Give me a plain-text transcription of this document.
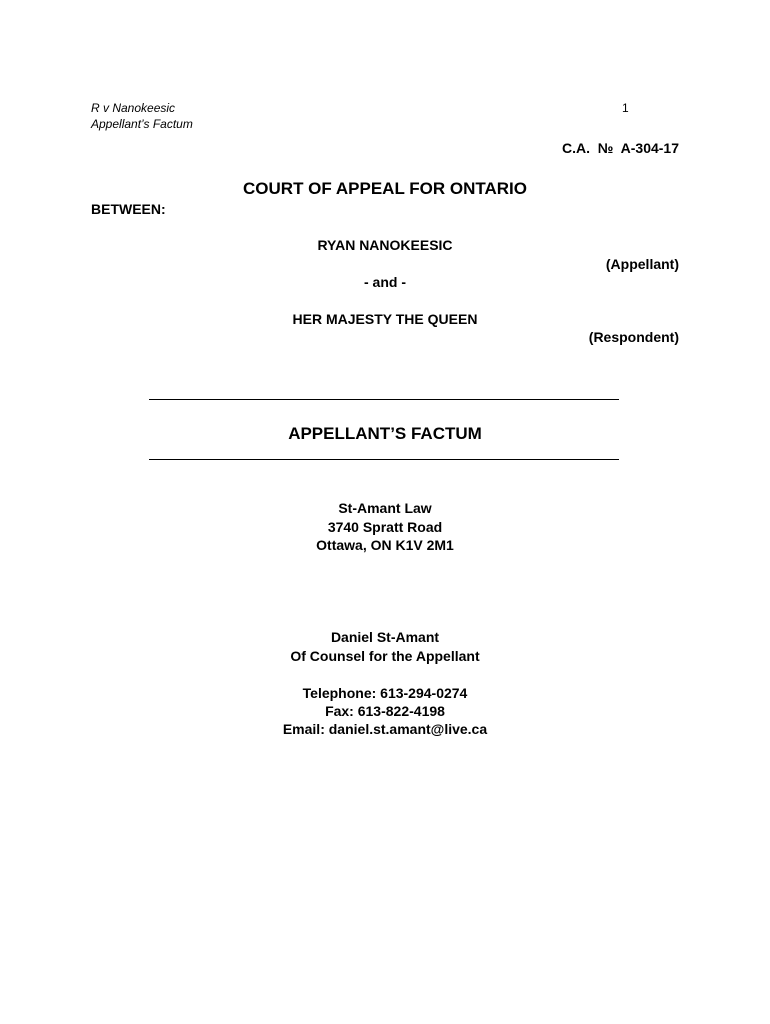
R v Nanokeesic
Appellant’s Factum
1
C.A.  №  A-304-17
COURT OF APPEAL FOR ONTARIO
BETWEEN:
RYAN NANOKEESIC
(Appellant)
- and -
HER MAJESTY THE QUEEN
(Respondent)
APPELLANT’S FACTUM
St-Amant Law
3740 Spratt Road
Ottawa, ON K1V 2M1
Daniel St-Amant
Of Counsel for the Appellant
Telephone: 613-294-0274
Fax: 613-822-4198
Email: daniel.st.amant@live.ca
